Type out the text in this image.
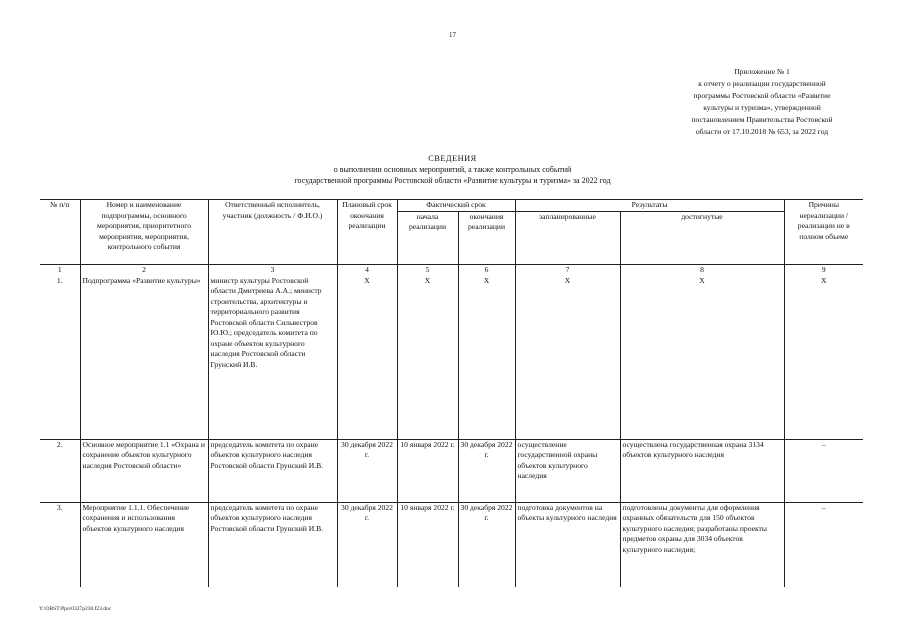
17
Приложение № 1
к отчету о реализации государственной
программы Ростовской области «Развитие
культуры и туризма», утвержденной
постановлением Правительства Ростовской
области от 17.10.2018 № 653, за 2022 год
СВЕДЕНИЯ
о выполнении основных мероприятий, а также контрольных событий
государственной программы Ростовской области «Развитие культуры и туризма» за 2022 год
№ п/п	Номер и наименование подпрограммы, основного мероприятия, приоритетного мероприятия, мероприятия, контрольного события	Ответственный исполнитель, участник (должность / Ф.И.О.)	Плановый срок окончания реализации	Фактический срок		Результаты		Причины нереализации / реализации не в полном объеме
				начала реализации	окончания реализации	запланированные	достигнутые	
1	2	3	4	5	6	7	8	9
1.	Подпрограмма «Развитие культуры»	министр культуры Ростовской области Дмитриева А.А.; министр строительства, архитектуры и территориального развития Ростовской области Сильвестров Ю.Ю.; председатель комитета по охране объектов культурного наследия Ростовской области Грунский И.В.	X	X	X	X	X	X
2.	Основное мероприятие 1.1 «Охрана и сохранение объектов культурного наследия Ростовской области»	председатель комитета по охране объектов культурного наследия Ростовской области Грунский И.В.	30 декабря 2022 г.	10 января 2022 г.	30 декабря 2022 г.	осуществление государственной охраны объектов культурного наследия	осуществлена государственная охрана 3134 объектов культурного наследия	–
3.	Мероприятие 1.1.1. Обеспечение сохранения и использования объектов культурного наследия	председатель комитета по охране объектов культурного наследия Ростовской области Грунский И.В.	30 декабря 2022 г.	10 января 2022 г.	30 декабря 2022 г.	подготовка документов на объекты культурного наследия	подготовлены документы для оформления охранных обязательств для 150 объектов культурного наследия; разработаны проекты предметов охраны для 3034 объектов культурного наследия;	–
Y:\ORST\Ppo\0327p230.f23.doc
